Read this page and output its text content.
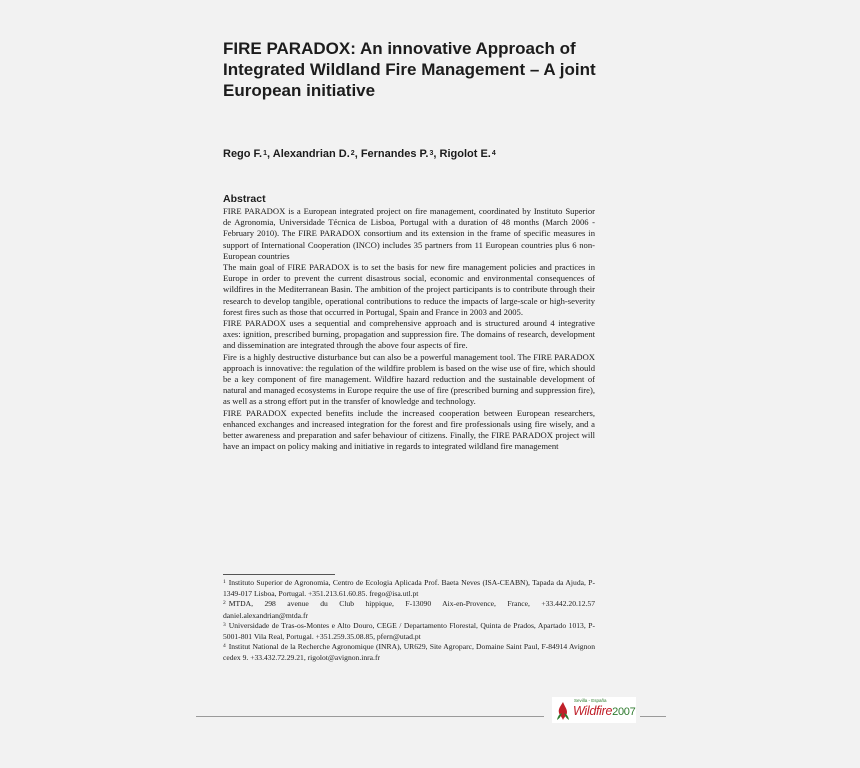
FIRE PARADOX: An innovative Approach of Integrated Wildland Fire Management – A joint European initiative
Rego F.$^1$, Alexandrian D.$^2$, Fernandes P.$^3$, Rigolot E.$^4$
Abstract

FIRE PARADOX is a European integrated project on fire management, coordinated by Instituto Superior de Agronomia, Universidade Técnica de Lisboa, Portugal with a duration of 48 months (March 2006 - February 2010). The FIRE PARADOX consortium and its extension in the frame of specific measures in support of International Cooperation (INCO) includes 35 partners from 11 European countries plus 6 non-European countries

The main goal of FIRE PARADOX is to set the basis for new fire management policies and practices in Europe in order to prevent the current disastrous social, economic and environmental consequences of wildfires in the Mediterranean Basin. The ambition of the project participants is to contribute through their research to develop tangible, operational contributions to reduce the impacts of large-scale or high-severity forest fires such as those that occurred in Portugal, Spain and France in 2003 and 2005.

FIRE PARADOX uses a sequential and comprehensive approach and is structured around 4 integrative axes: ignition, prescribed burning, propagation and suppression fire. The domains of research, development and dissemination are integrated through the above four aspects of fire.

Fire is a highly destructive disturbance but can also be a powerful management tool. The FIRE PARADOX approach is innovative: the regulation of the wildfire problem is based on the wise use of fire, which should be a key component of fire management. Wildfire hazard reduction and the sustainable development of natural and managed ecosystems in Europe require the use of fire (prescribed burning and suppression fire), as well as a strong effort put in the transfer of knowledge and technology.

FIRE PARADOX expected benefits include the increased cooperation between European researchers, enhanced exchanges and increased integration for the forest and fire professionals using fire wisely, and a better awareness and preparation and safer behaviour of citizens. Finally, the FIRE PARADOX project will have an impact on policy making and initiative in regards to integrated wildland fire management

$^1$ Instituto Superior de Agronomia, Centro de Ecologia Aplicada Prof. Baeta Neves (ISA-CEABN), Tapada da Ajuda, P-1349-017 Lisboa, Portugal. +351.213.61.60.85. frego@isa.utl.pt

$^2$ MTDA, 298 avenue du Club hippique, F-13090 Aix-en-Provence, France, +33.442.20.12.57 daniel.alexandrian@mtda.fr

$^3$ Universidade de Tras-os-Montes e Alto Douro, CEGE / Departamento Florestal, Quinta de Prados, Apartado 1013, P-5001-801 Vila Real, Portugal. +351.259.35.08.85, pfern@utad.pt

$^4$ Institut National de la Recherche Agronomique (INRA), UR629, Site Agroparc, Domaine Saint Paul, F-84914 Avignon cedex 9. +33.432.72.29.21, rigolot@avignon.inra.fr

Sevilla - España
Wildfire2007
